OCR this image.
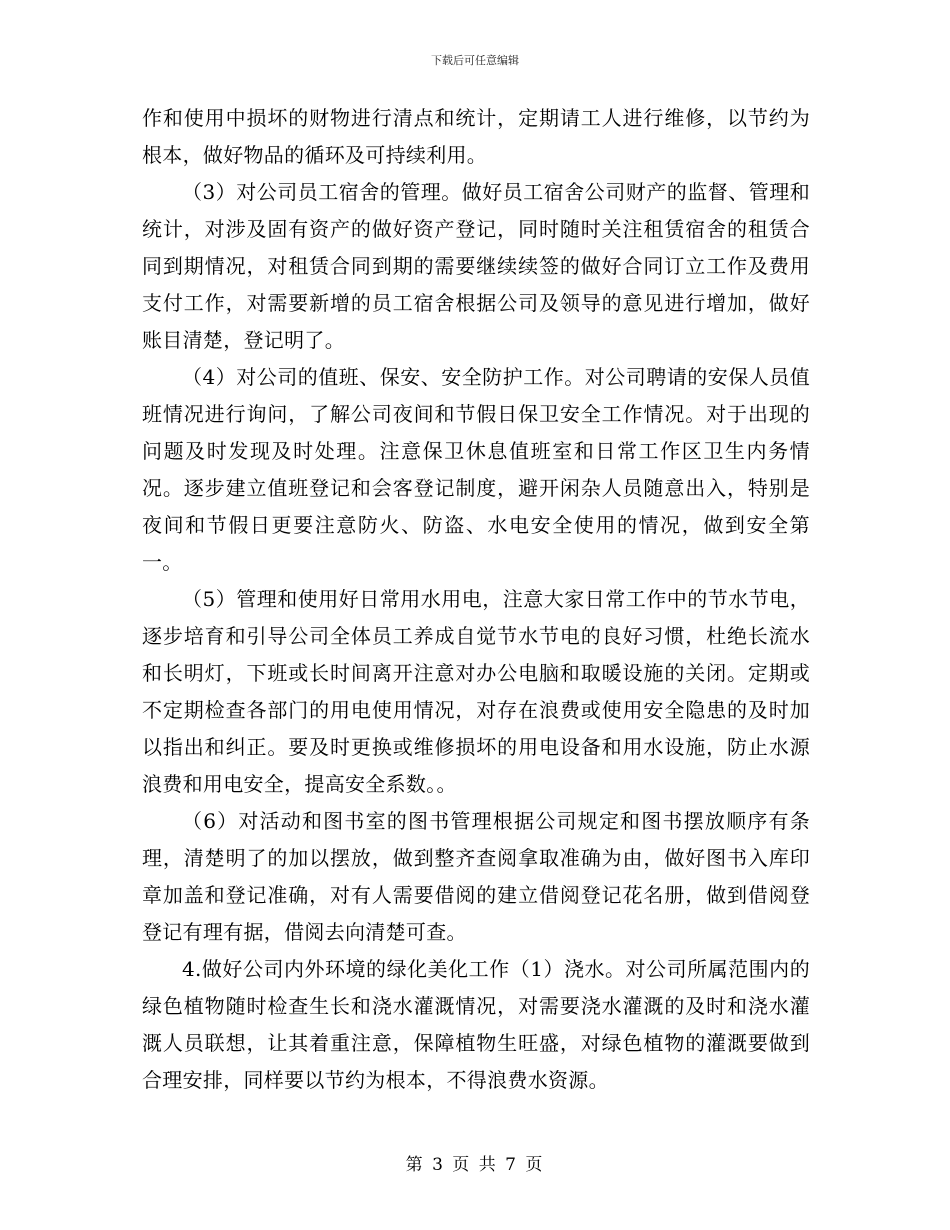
下载后可任意编辑

作和使用中损坏的财物进行清点和统计，定期请工人进行维修，以节约为根本，做好物品的循环及可持续利用。

（3）对公司员工宿舍的管理。做好员工宿舍公司财产的监督、管理和统计，对涉及固有资产的做好资产登记，同时随时关注租赁宿舍的租赁合同到期情况，对租赁合同到期的需要继续续签的做好合同订立工作及费用支付工作，对需要新增的员工宿舍根据公司及领导的意见进行增加，做好账目清楚，登记明了。

（4）对公司的值班、保安、安全防护工作。对公司聘请的安保人员值班情况进行询问，了解公司夜间和节假日保卫安全工作情况。对于出现的问题及时发现及时处理。注意保卫休息值班室和日常工作区卫生内务情况。逐步建立值班登记和会客登记制度，避开闲杂人员随意出入，特别是夜间和节假日更要注意防火、防盗、水电安全使用的情况，做到安全第一。

（5）管理和使用好日常用水用电，注意大家日常工作中的节水节电，逐步培育和引导公司全体员工养成自觉节水节电的良好习惯，杜绝长流水和长明灯，下班或长时间离开注意对办公电脑和取暖设施的关闭。定期或不定期检查各部门的用电使用情况，对存在浪费或使用安全隐患的及时加以指出和纠正。要及时更换或维修损坏的用电设备和用水设施，防止水源浪费和用电安全，提高安全系数。。

（6）对活动和图书室的图书管理根据公司规定和图书摆放顺序有条理，清楚明了的加以摆放，做到整齐查阅拿取准确为由，做好图书入库印章加盖和登记准确，对有人需要借阅的建立借阅登记花名册，做到借阅登登记有理有据，借阅去向清楚可查。

4.做好公司内外环境的绿化美化工作（1）浇水。对公司所属范围内的绿色植物随时检查生长和浇水灌溉情况，对需要浇水灌溉的及时和浇水灌溉人员联想，让其着重注意，保障植物生旺盛，对绿色植物的灌溉要做到合理安排，同样要以节约为根本，不得浪费水资源。

第 3 页 共 7 页
